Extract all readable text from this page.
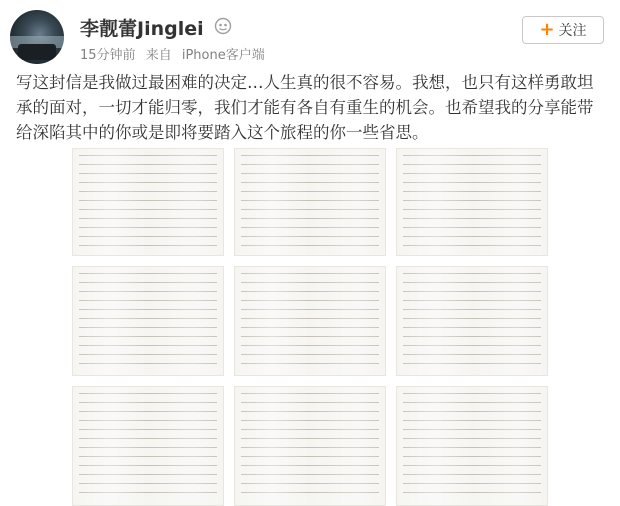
李靓蕾Jinglei
15分钟前 来自 iPhone客户端
+ 关注
写这封信是我做过最困难的决定…人生真的很不容易。我想，也只有这样勇敢坦承的面对，一切才能归零，我们才能有各自有重生的机会。也希望我的分享能带给深陷其中的你或是即将要踏入这个旅程的你一些省思。
